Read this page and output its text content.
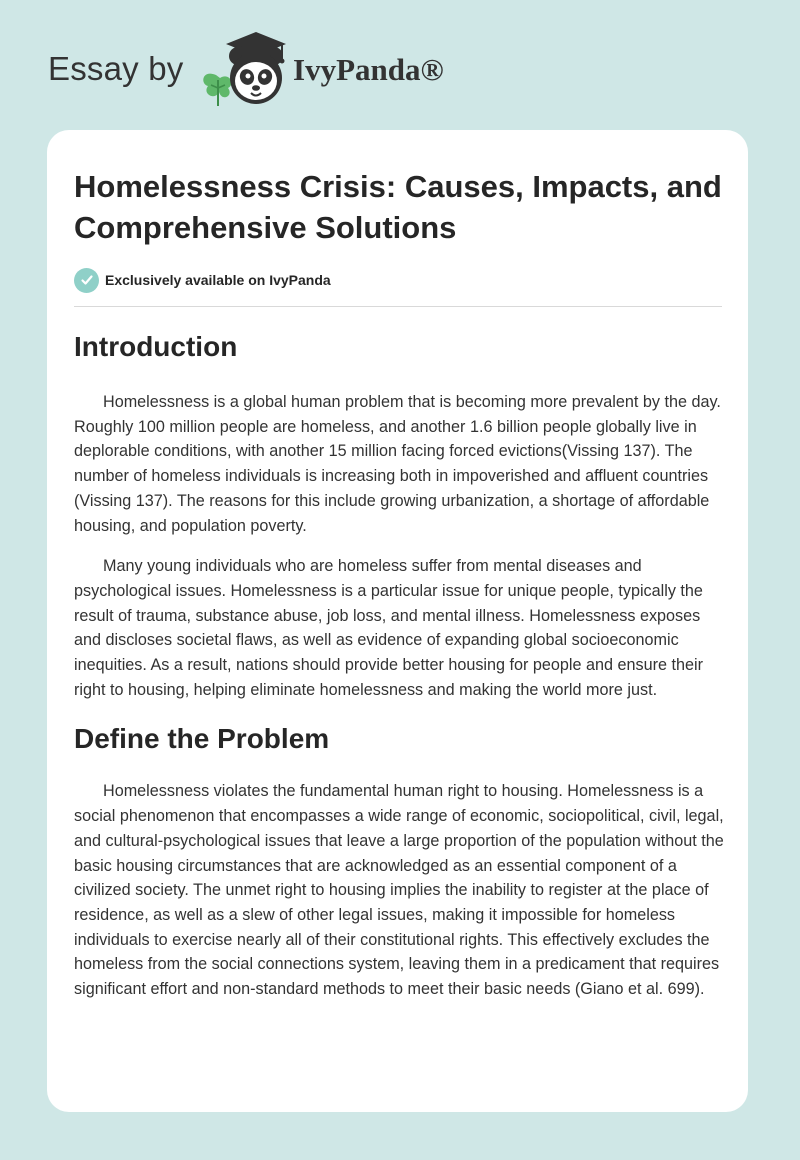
Essay by	IvyPanda®
Homelessness Crisis: Causes, Impacts, and Comprehensive Solutions
Exclusively available on IvyPanda
Introduction

Homelessness is a global human problem that is becoming more prevalent by the day. Roughly 100 million people are homeless, and another 1.6 billion people globally live in deplorable conditions, with another 15 million facing forced evictions(Vissing 137). The number of homeless individuals is increasing both in impoverished and affluent countries (Vissing 137). The reasons for this include growing urbanization, a shortage of affordable housing, and population poverty.

Many young individuals who are homeless suffer from mental diseases and psychological issues. Homelessness is a particular issue for unique people, typically the result of trauma, substance abuse, job loss, and mental illness. Homelessness exposes and discloses societal flaws, as well as evidence of expanding global socioeconomic inequities. As a result, nations should provide better housing for people and ensure their right to housing, helping eliminate homelessness and making the world more just.

Define the Problem

Homelessness violates the fundamental human right to housing. Homelessness is a social phenomenon that encompasses a wide range of economic, sociopolitical, civil, legal, and cultural-psychological issues that leave a large proportion of the population without the basic housing circumstances that are acknowledged as an essential component of a civilized society. The unmet right to housing implies the inability to register at the place of residence, as well as a slew of other legal issues, making it impossible for homeless individuals to exercise nearly all of their constitutional rights. This effectively excludes the homeless from the social connections system, leaving them in a predicament that requires significant effort and non-standard methods to meet their basic needs (Giano et al. 699).
